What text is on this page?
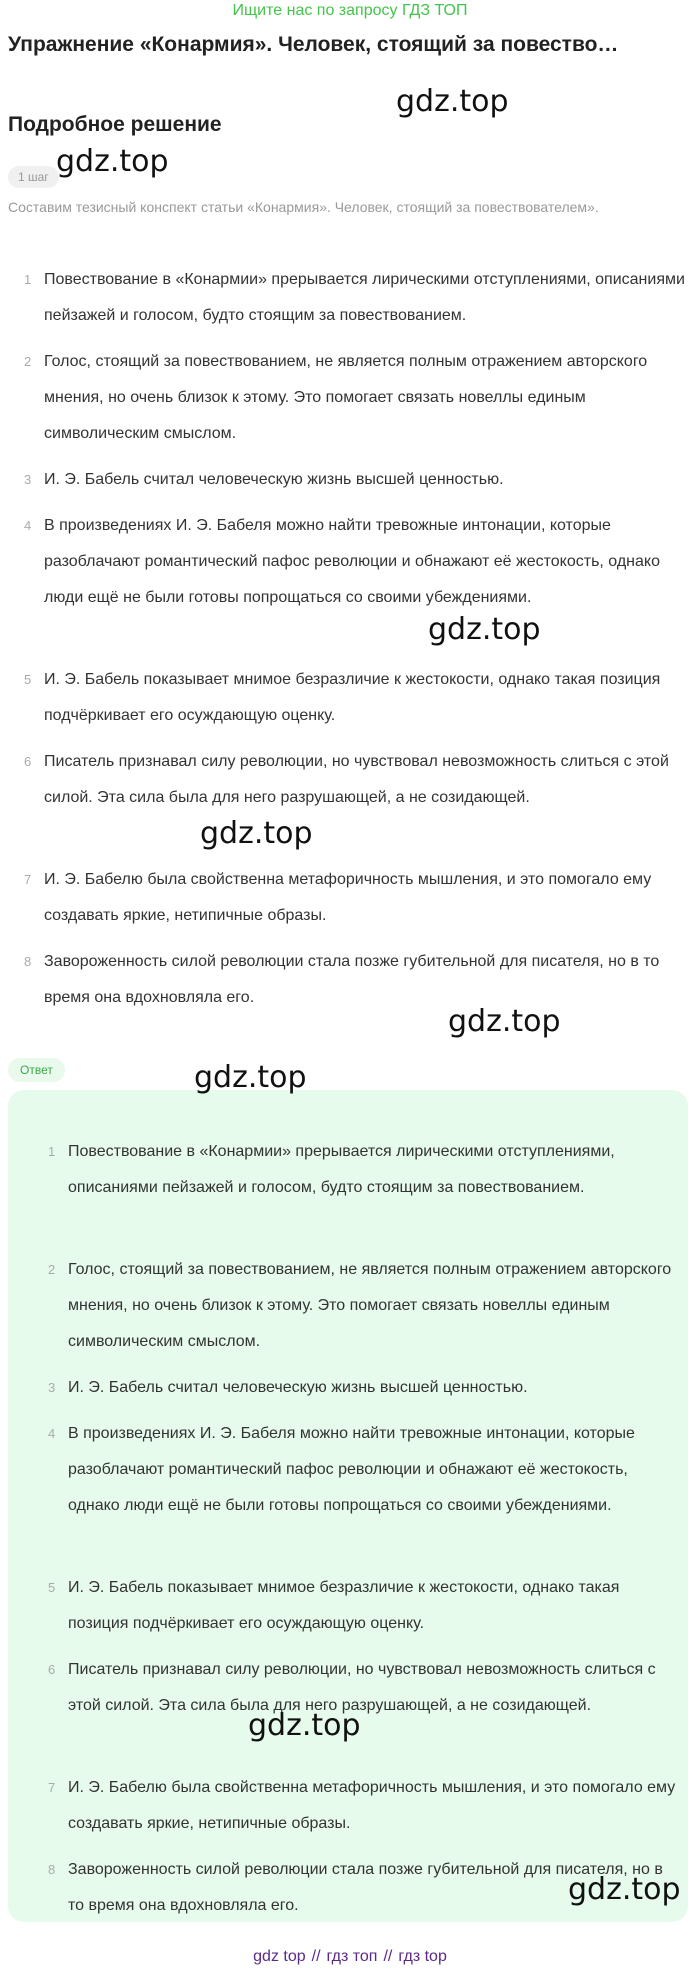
Ищите нас по запросу ГДЗ ТОП
Упражнение «Конармия». Человек, стоящий за повество…
Подробное решение
1 шаг
Составим тезисный конспект статьи «Конармия». Человек, стоящий за повествователем».
1 Повествование в «Конармии» прерывается лирическими отступлениями, описаниями пейзажей и голосом, будто стоящим за повествованием.
2 Голос, стоящий за повествованием, не является полным отражением авторского мнения, но очень близок к этому. Это помогает связать новеллы единым символическим смыслом.
3 И. Э. Бабель считал человеческую жизнь высшей ценностью.
4 В произведениях И. Э. Бабеля можно найти тревожные интонации, которые разоблачают романтический пафос революции и обнажают её жестокость, однако люди ещё не были готовы попрощаться со своими убеждениями.
5 И. Э. Бабель показывает мнимое безразличие к жестокости, однако такая позиция подчёркивает его осуждающую оценку.
6 Писатель признавал силу революции, но чувствовал невозможность слиться с этой силой. Эта сила была для него разрушающей, а не созидающей.
7 И. Э. Бабелю была свойственна метафоричность мышления, и это помогало ему создавать яркие, нетипичные образы.
8 Завороженность силой революции стала позже губительной для писателя, но в то время она вдохновляла его.
Ответ
1 Повествование в «Конармии» прерывается лирическими отступлениями, описаниями пейзажей и голосом, будто стоящим за повествованием.
2 Голос, стоящий за повествованием, не является полным отражением авторского мнения, но очень близок к этому. Это помогает связать новеллы единым символическим смыслом.
3 И. Э. Бабель считал человеческую жизнь высшей ценностью.
4 В произведениях И. Э. Бабеля можно найти тревожные интонации, которые разоблачают романтический пафос революции и обнажают её жестокость, однако люди ещё не были готовы попрощаться со своими убеждениями.
5 И. Э. Бабель показывает мнимое безразличие к жестокости, однако такая позиция подчёркивает его осуждающую оценку.
6 Писатель признавал силу революции, но чувствовал невозможность слиться с этой силой. Эта сила была для него разрушающей, а не созидающей.
7 И. Э. Бабелю была свойственна метафоричность мышления, и это помогало ему создавать яркие, нетипичные образы.
8 Завороженность силой революции стала позже губительной для писателя, но в то время она вдохновляла его.
gdz.top
gdz.top
gdz.top
gdz.top
gdz.top
gdz.top
gdz.top
gdz.top
gdz top // гдз топ // гдз top
